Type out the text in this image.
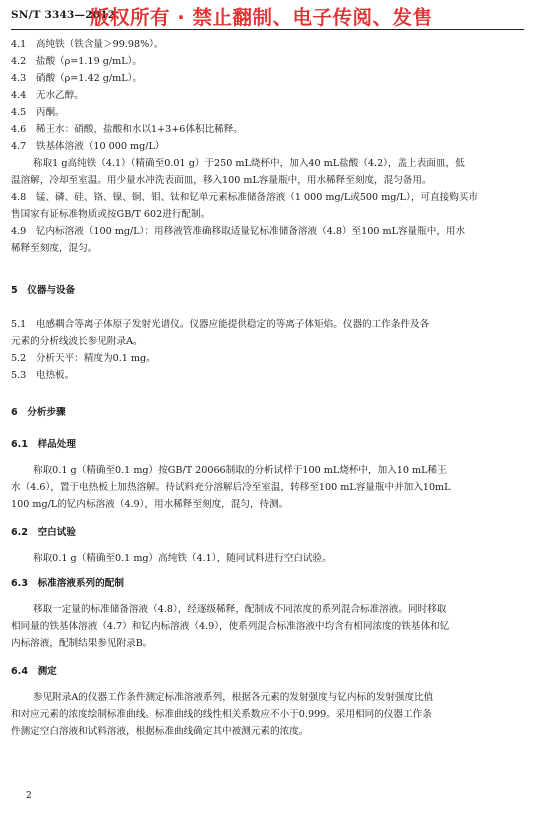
SN/T 3343—2012
版权所有 · 禁止翻制、电子传阅、发售
4.1　高纯铁（铁含量＞99.98%）。
4.2　盐酸（ρ=1.19 g/mL）。
4.3　硝酸（ρ=1.42 g/mL）。
4.4　无水乙醇。
4.5　丙酮。
4.6　稀王水：硝酸、盐酸和水以1+3+6体积比稀释。
4.7　铁基体溶液（10 000 mg/L）
称取1 g高纯铁（4.1）（精确至0.01 g）于250 mL烧杯中，加入40 mL盐酸（4.2），盖上表面皿，低
温溶解，冷却至室温。用少量水冲洗表面皿，移入100 mL容量瓶中，用水稀释至刻度，混匀备用。
4.8　锰、磷、硅、铬、镍、铜、钼、钛和钇单元素标准储备溶液（1 000 mg/L或500 mg/L），可直接购买市
售国家有证标准物质或按GB/T 602进行配制。
4.9　钇内标溶液（100 mg/L）：用移液管准确移取适量钇标准储备溶液（4.8）至100 mL容量瓶中，用水
稀释至刻度，混匀。
5　仪器与设备
5.1　电感耦合等离子体原子发射光谱仪。仪器应能提供稳定的等离子体矩焰。仪器的工作条件及各
元素的分析线波长参见附录A。
5.2　分析天平：精度为0.1 mg。
5.3　电热板。
6　分析步骤
6.1　样品处理
称取0.1 g（精确至0.1 mg）按GB/T 20066制取的分析试样于100 mL烧杯中，加入10 mL稀王
水（4.6），置于电热板上加热溶解。待试料充分溶解后冷至室温，转移至100 mL容量瓶中并加入10mL
100 mg/L的钇内标溶液（4.9），用水稀释至刻度，混匀，待测。
6.2　空白试验
称取0.1 g（精确至0.1 mg）高纯铁（4.1），随同试料进行空白试验。
6.3　标准溶液系列的配制
移取一定量的标准储备溶液（4.8），经逐级稀释，配制成不同浓度的系列混合标准溶液。同时移取
相同量的铁基体溶液（4.7）和钇内标溶液（4.9），使系列混合标准溶液中均含有相同浓度的铁基体和钇
内标溶液，配制结果参见附录B。
6.4　测定
参见附录A的仪器工作条件测定标准溶液系列，根据各元素的发射强度与钇内标的发射强度比值
和对应元素的浓度绘制标准曲线。标准曲线的线性相关系数应不小于0.999。采用相同的仪器工作条
件测定空白溶液和试料溶液，根据标准曲线确定其中被测元素的浓度。
2
